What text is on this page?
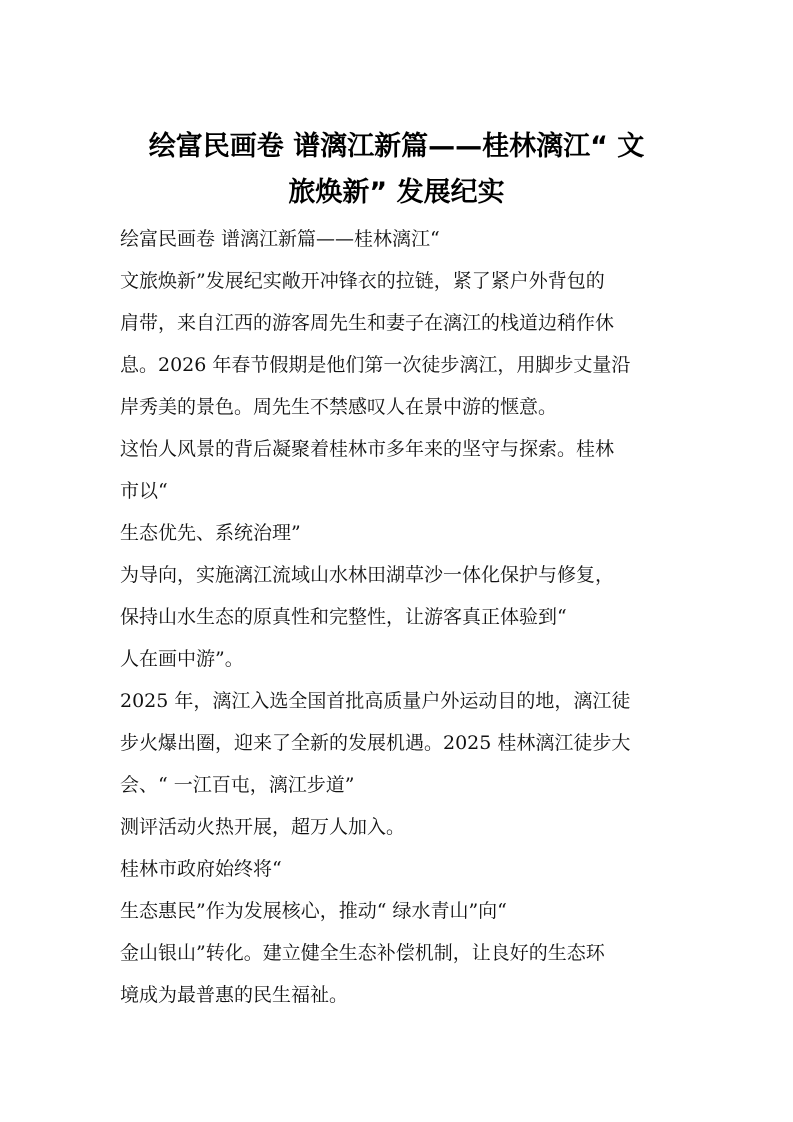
绘富民画卷 谱漓江新篇——桂林漓江“ 文
旅焕新” 发展纪实
绘富民画卷 谱漓江新篇——桂林漓江“
文旅焕新”发展纪实敞开冲锋衣的拉链，紧了紧户外背包的
肩带，来自江西的游客周先生和妻子在漓江的栈道边稍作休
息。2026 年春节假期是他们第一次徒步漓江，用脚步丈量沿
岸秀美的景色。周先生不禁感叹人在景中游的惬意。
这怡人风景的背后凝聚着桂林市多年来的坚守与探索。桂林
市以“
生态优先、系统治理”
为导向，实施漓江流域山水林田湖草沙一体化保护与修复，
保持山水生态的原真性和完整性，让游客真正体验到“
人在画中游”。
2025 年，漓江入选全国首批高质量户外运动目的地，漓江徒
步火爆出圈，迎来了全新的发展机遇。2025 桂林漓江徒步大
会、“ 一江百屯，漓江步道”
测评活动火热开展，超万人加入。
桂林市政府始终将“
生态惠民”作为发展核心，推动“ 绿水青山”向“
金山银山”转化。建立健全生态补偿机制，让良好的生态环
境成为最普惠的民生福祉。
